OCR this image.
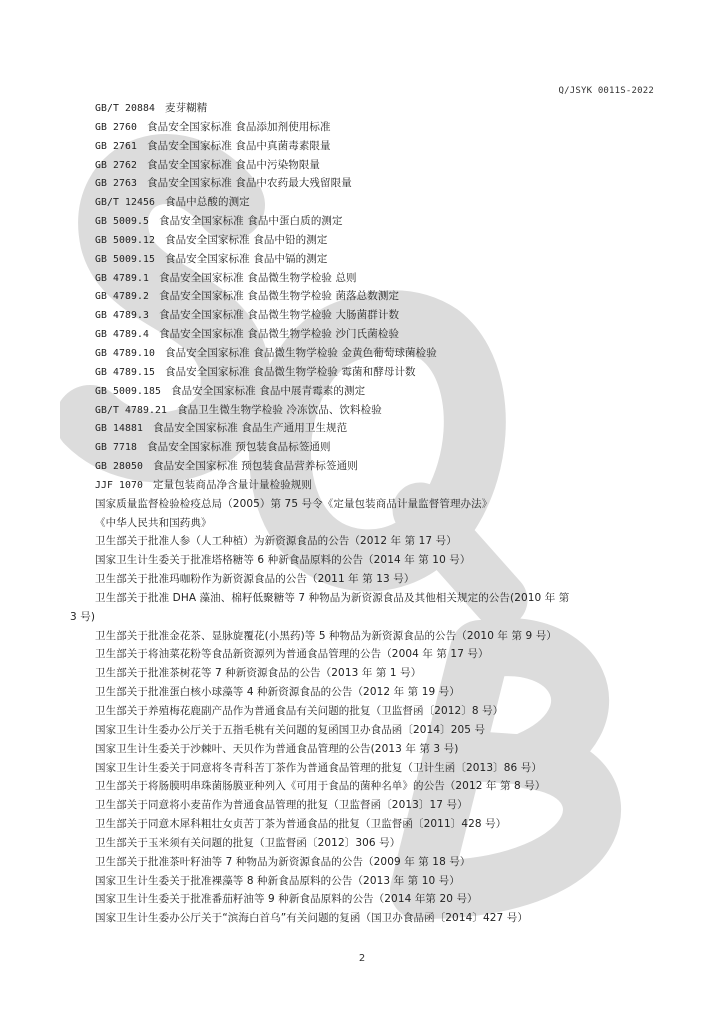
Q/JSYK 0011S-2022
GB/T 20884 麦芽糊精
GB 2760 食品安全国家标准 食品添加剂使用标准
GB 2761 食品安全国家标准 食品中真菌毒素限量
GB 2762 食品安全国家标准 食品中污染物限量
GB 2763 食品安全国家标准 食品中农药最大残留限量
GB/T 12456 食品中总酸的测定
GB 5009.5 食品安全国家标准 食品中蛋白质的测定
GB 5009.12 食品安全国家标准 食品中铅的测定
GB 5009.15 食品安全国家标准 食品中镉的测定
GB 4789.1 食品安全国家标准 食品微生物学检验 总则
GB 4789.2 食品安全国家标准 食品微生物学检验 菌落总数测定
GB 4789.3 食品安全国家标准 食品微生物学检验 大肠菌群计数
GB 4789.4 食品安全国家标准 食品微生物学检验 沙门氏菌检验
GB 4789.10 食品安全国家标准 食品微生物学检验 金黄色葡萄球菌检验
GB 4789.15 食品安全国家标准 食品微生物学检验 霉菌和酵母计数
GB 5009.185 食品安全国家标准 食品中展青霉素的测定
GB/T 4789.21 食品卫生微生物学检验 冷冻饮品、饮料检验
GB 14881 食品安全国家标准 食品生产通用卫生规范
GB 7718 食品安全国家标准 预包装食品标签通则
GB 28050 食品安全国家标准 预包装食品营养标签通则
JJF 1070 定量包装商品净含量计量检验规则
国家质量监督检验检疫总局（2005）第 75 号令《定量包装商品计量监督管理办法》
《中华人民共和国药典》
卫生部关于批准人参（人工种植）为新资源食品的公告（2012 年 第 17 号）
国家卫生计生委关于批准塔格糖等 6 种新食品原料的公告（2014 年 第 10 号）
卫生部关于批准玛咖粉作为新资源食品的公告（2011 年 第 13 号）
卫生部关于批准 DHA 藻油、棉籽低聚糖等 7 种物品为新资源食品及其他相关规定的公告(2010 年 第
3 号)
卫生部关于批准金花茶、显脉旋覆花(小黑药)等 5 种物品为新资源食品的公告（2010 年 第 9 号）
卫生部关于将油菜花粉等食品新资源列为普通食品管理的公告（2004 年 第 17 号）
卫生部关于批准茶树花等 7 种新资源食品的公告（2013 年 第 1 号）
卫生部关于批准蛋白核小球藻等 4 种新资源食品的公告（2012 年 第 19 号）
卫生部关于养殖梅花鹿副产品作为普通食品有关问题的批复（卫监督函〔2012〕8 号）
国家卫生计生委办公厅关于五指毛桃有关问题的复函国卫办食品函〔2014〕205 号
国家卫生计生委关于沙棘叶、天贝作为普通食品管理的公告(2013 年 第 3 号)
国家卫生计生委关于同意将冬青科苦丁茶作为普通食品管理的批复（卫计生函〔2013〕86 号）
卫生部关于将肠膜明串珠菌肠膜亚种列入《可用于食品的菌种名单》的公告（2012 年 第 8 号）
卫生部关于同意将小麦苗作为普通食品管理的批复（卫监督函〔2013〕17 号）
卫生部关于同意木犀科粗壮女贞苦丁茶为普通食品的批复（卫监督函〔2011〕428 号）
卫生部关于玉米须有关问题的批复（卫监督函〔2012〕306 号）
卫生部关于批准茶叶籽油等 7 种物品为新资源食品的公告（2009 年 第 18 号）
国家卫生计生委关于批准裸藻等 8 种新食品原料的公告（2013 年 第 10 号）
国家卫生计生委关于批准番茄籽油等 9 种新食品原料的公告（2014 年第 20 号）
国家卫生计生委办公厅关于“滨海白首乌”有关问题的复函（国卫办食品函〔2014〕427 号）
2
